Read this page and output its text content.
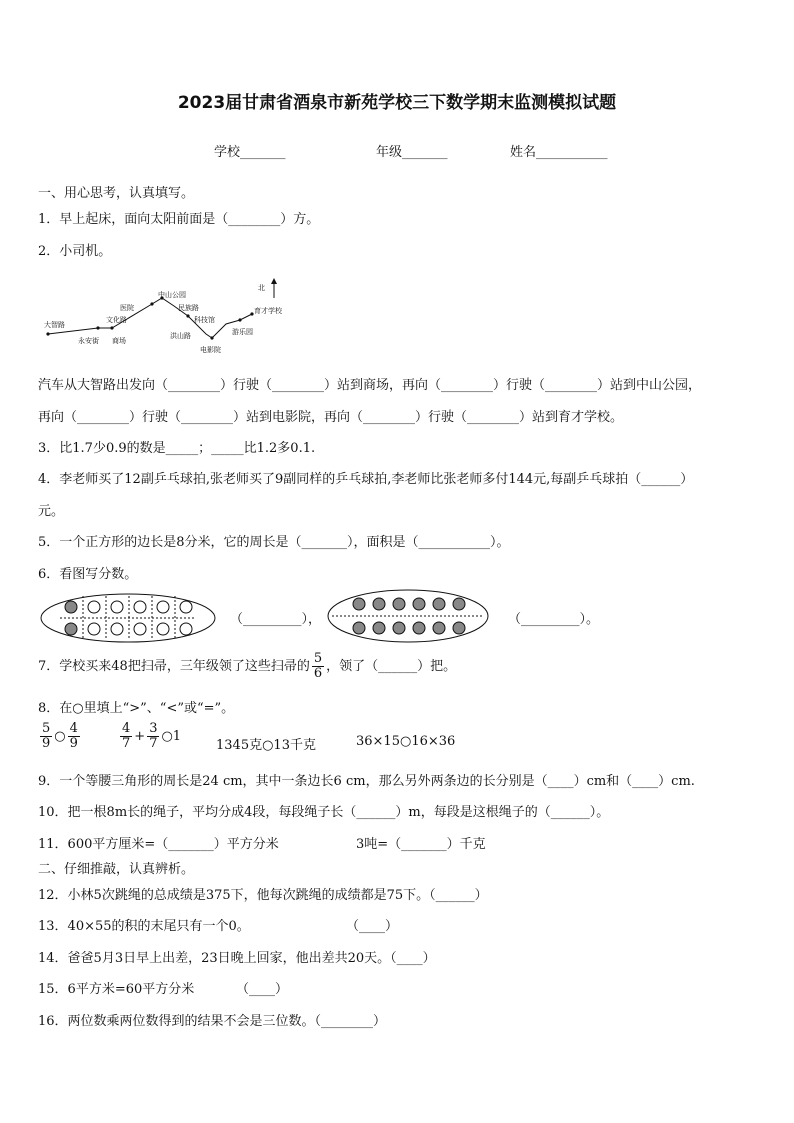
2023届甘肃省酒泉市新苑学校三下数学期末监测模拟试题
学校_______	年级_______	姓名___________
一、用心思考，认真填写。
1．早上起床，面向太阳前面是（________）方。
2．小司机。
北
大智路
永安街 商场
文化路
医院
中山公园
民族路
洪山路
科技馆
电影院
游乐园
育才学校
汽车从大智路出发向（________）行驶（________）站到商场，再向（________）行驶（________）站到中山公园，
再向（________）行驶（________）站到电影院，再向（________）行驶（________）站到育才学校。
3．比1.7少0.9的数是_____；_____比1.2多0.1.
4．李老师买了12副乒乓球拍,张老师买了9副同样的乒乓球拍,李老师比张老师多付144元,每副乒乓球拍（______）
元。
5．一个正方形的边长是8分米，它的周长是（_______），面积是（___________）。
6．看图写分数。
（_________），	（_________）。
7．学校买来48把扫帚，三年级领了这些扫帚的 $\frac{5}{6}$ ，领了（______）把。
8．在○里填上“>”、“<”或“=”。
$\frac{5}{9}$ ○ $\frac{4}{9}$	$\frac{4}{7} + \frac{3}{7}$ ○1
1345克○13千克	36×15○16×36
9．一个等腰三角形的周长是24 cm，其中一条边长6 cm，那么另外两条边的长分别是（____）cm和（____）cm.
10．把一根8m长的绳子，平均分成4段，每段绳子长（______）m，每段是这根绳子的（______）。
11．600平方厘米=（_______）平方分米	3吨=（_______）千克
二、仔细推敲，认真辨析。
12．小林5次跳绳的总成绩是375下，他每次跳绳的成绩都是75下。（______）
13．40×55的积的末尾只有一个0。	（____）
14．爸爸5月3日早上出差，23日晚上回家，他出差共20天。（____）
15．6平方米=60平方分米	（____）
16．两位数乘两位数得到的结果不会是三位数。（________）
